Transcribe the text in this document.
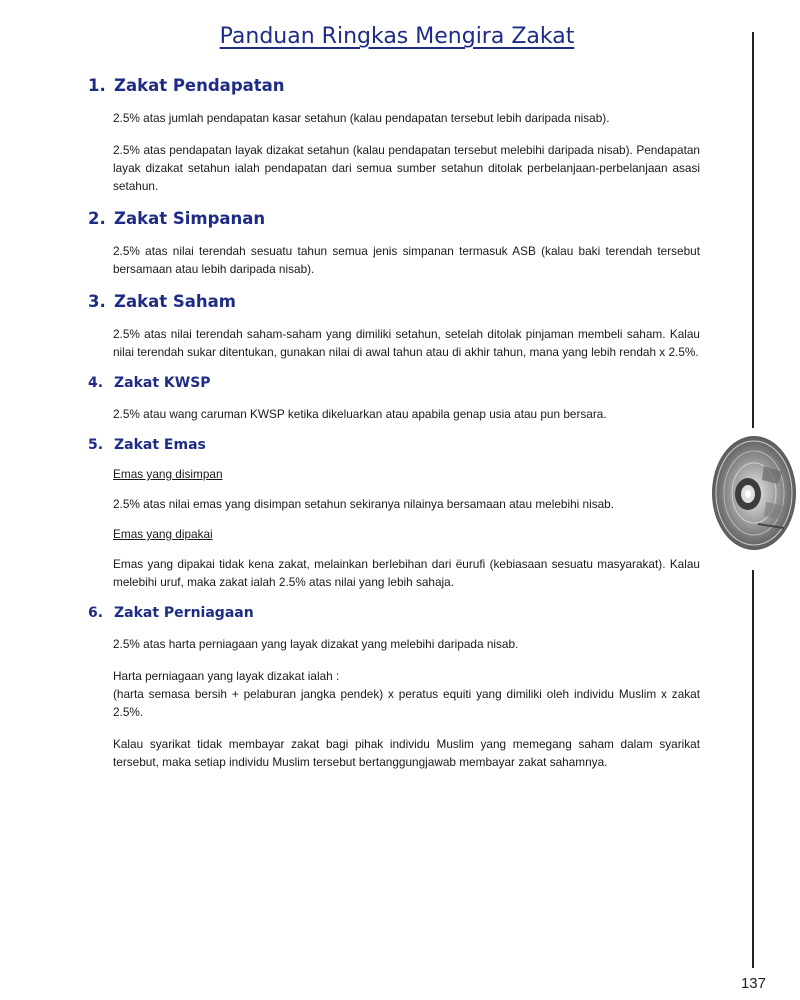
Panduan Ringkas Mengira Zakat
1. Zakat Pendapatan

2.5% atas jumlah pendapatan kasar setahun (kalau pendapatan tersebut lebih daripada nisab).

2.5% atas pendapatan layak dizakat setahun (kalau pendapatan tersebut melebihi daripada nisab). Pendapatan layak dizakat setahun ialah pendapatan dari semua sumber setahun ditolak perbelanjaan-perbelanjaan asasi setahun.

2. Zakat Simpanan

2.5% atas nilai terendah sesuatu tahun semua jenis simpanan termasuk ASB (kalau baki terendah tersebut bersamaan atau lebih daripada nisab).

3. Zakat Saham

2.5% atas nilai terendah saham-saham yang dimiliki setahun, setelah ditolak pinjaman membeli saham. Kalau nilai terendah sukar ditentukan, gunakan nilai di awal tahun atau di akhir tahun, mana yang lebih rendah x 2.5%.

4. Zakat KWSP

2.5% atau wang caruman KWSP ketika dikeluarkan atau apabila genap usia atau pun bersara.

5. Zakat Emas

Emas yang disimpan

2.5% atas nilai emas yang disimpan setahun sekiranya nilainya bersamaan atau melebihi nisab.

Emas yang dipakai

Emas yang dipakai tidak kena zakat, melainkan berlebihan dari ëurufi (kebiasaan sesuatu masyarakat). Kalau melebihi uruf, maka zakat ialah 2.5% atas nilai yang lebih sahaja.

6. Zakat Perniagaan

2.5% atas harta perniagaan yang layak dizakat yang melebihi daripada nisab.

Harta perniagaan yang layak dizakat ialah :

(harta semasa bersih + pelaburan jangka pendek) x peratus equiti yang dimiliki oleh individu Muslim x zakat 2.5%.

Kalau syarikat tidak membayar zakat bagi pihak individu Muslim yang memegang saham dalam syarikat tersebut, maka setiap individu Muslim tersebut bertanggungjawab membayar zakat sahamnya.

137
